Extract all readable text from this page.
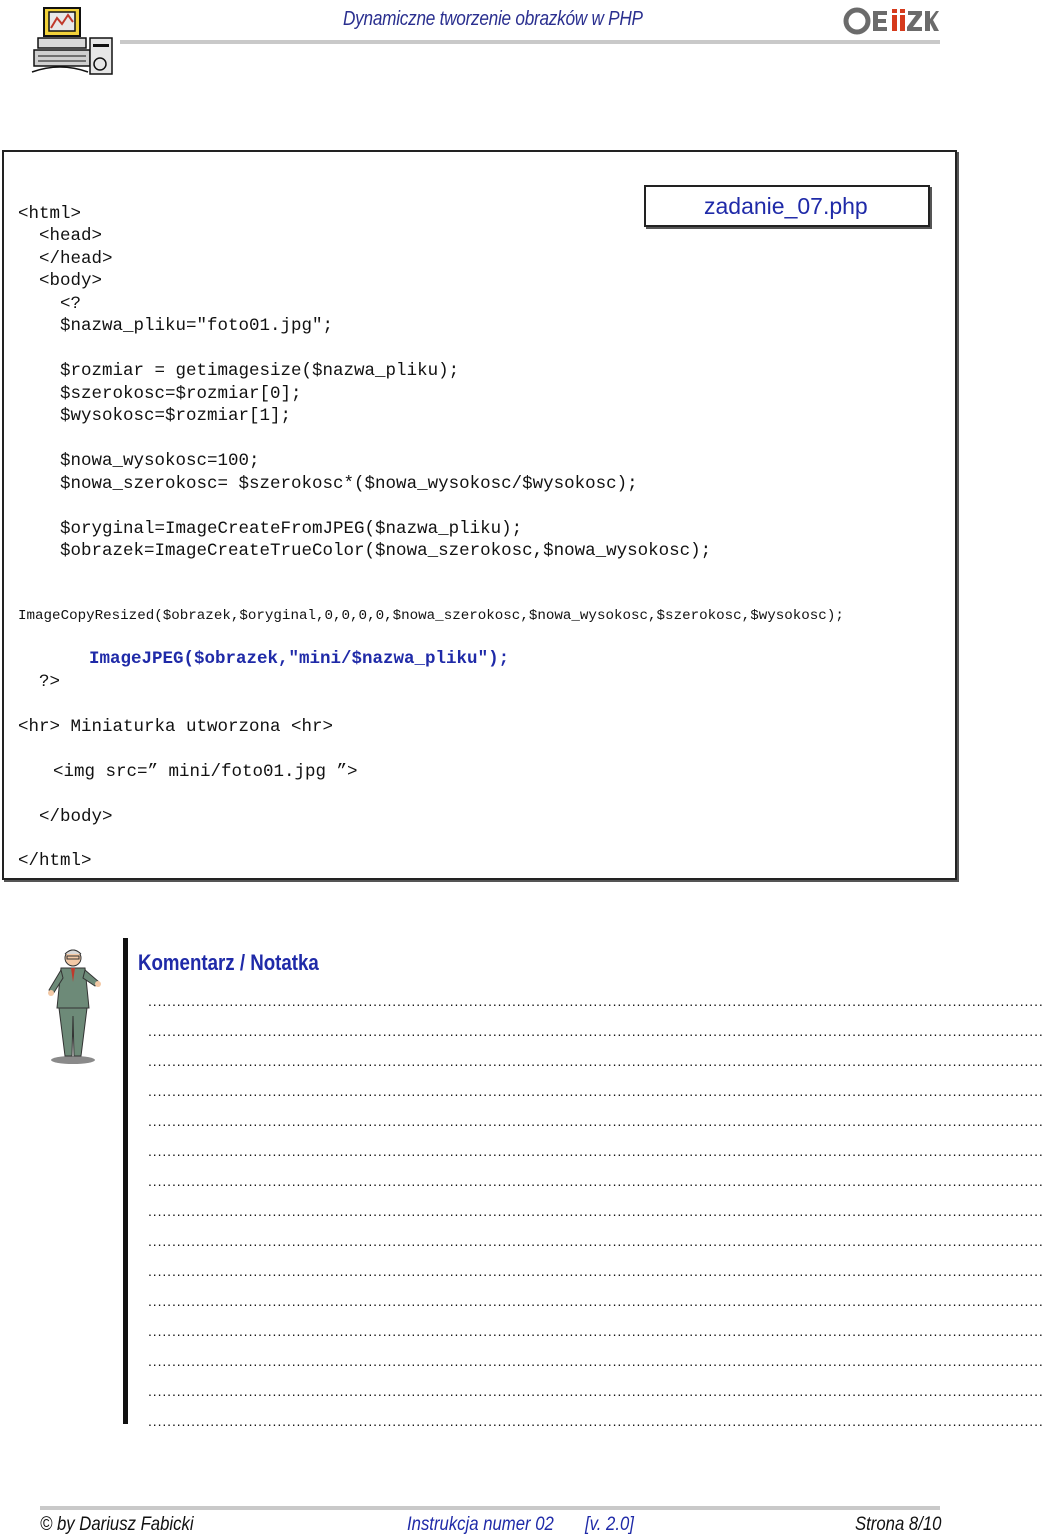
Dynamiczne tworzenie obrazków w PHP
zadanie_07.php
<html>
<head>
</head>
<body>
<?
$nazwa_pliku="foto01.jpg";
$rozmiar = getimagesize($nazwa_pliku);
$szerokosc=$rozmiar[0];
$wysokosc=$rozmiar[1];
$nowa_wysokosc=100;
$nowa_szerokosc= $szerokosc*($nowa_wysokosc/$wysokosc);
$oryginal=ImageCreateFromJPEG($nazwa_pliku);
$obrazek=ImageCreateTrueColor($nowa_szerokosc,$nowa_wysokosc);
ImageCopyResized($obrazek,$oryginal,0,0,0,0,$nowa_szerokosc,$nowa_wysokosc,$szerokosc,$wysokosc);
ImageJPEG($obrazek,"mini/$nazwa_pliku");
?>
<hr> Miniaturka utworzona <hr>
<img src=” mini/foto01.jpg ”>
</body>
</html>
Komentarz / Notatka
...........................................................................................................................................................................................
...........................................................................................................................................................................................
...........................................................................................................................................................................................
...........................................................................................................................................................................................
...........................................................................................................................................................................................
...........................................................................................................................................................................................
...........................................................................................................................................................................................
...........................................................................................................................................................................................
...........................................................................................................................................................................................
...........................................................................................................................................................................................
...........................................................................................................................................................................................
...........................................................................................................................................................................................
...........................................................................................................................................................................................
...........................................................................................................................................................................................
...........................................................................................................................................................................................
© by Dariusz Fabicki	Instrukcja numer 02 [v. 2.0]	Strona 8/10
